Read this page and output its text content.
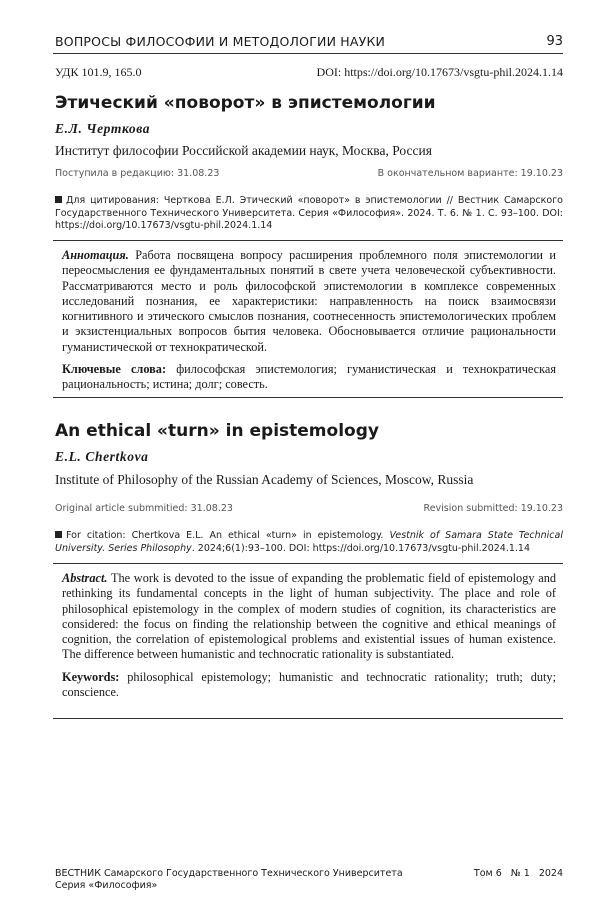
ВОПРОСЫ ФИЛОСОФИИ И МЕТОДОЛОГИИ НАУКИ	93
УДК 101.9, 165.0	DOI: https://doi.org/10.17673/vsgtu-phil.2024.1.14
Этический «поворот» в эпистемологии
Е.Л. Черткова
Институт философии Российской академии наук, Москва, Россия
Поступила в редакцию: 31.08.23	В окончательном варианте: 19.10.23
Для цитирования: Черткова Е.Л. Этический «поворот» в эпистемологии // Вестник Самарского Государственного Технического Университета. Серия «Философия». 2024. Т. 6. № 1. С. 93–100. DOI: https://doi.org/10.17673/vsgtu-phil.2024.1.14

Аннотация. Работа посвящена вопросу расширения проблемного поля эпистемологии и переосмысления ее фундаментальных понятий в свете учета человеческой субъективности. Рассматриваются место и роль философской эпистемологии в комплексе современных исследований познания, ее характеристики: направленность на поиск взаимосвязи когнитивного и этического смыслов познания, соотнесенность эпистемологических проблем и экзистенциальных вопросов бытия человека. Обосновывается отличие рациональности гуманистической от технократической.

Ключевые слова: философская эпистемология; гуманистическая и технократическая рациональность; истина; долг; совесть.

An ethical «turn» in epistemology
E.L. Chertkova
Institute of Philosophy of the Russian Academy of Sciences, Moscow, Russia
Original article submmitied: 31.08.23	Revision submitted: 19.10.23
For citation: Chertkova E.L. An ethical «turn» in epistemology. Vestnik of Samara State Technical University. Series Philosophy. 2024;6(1):93–100. DOI: https://doi.org/10.17673/vsgtu-phil.2024.1.14

Abstract. The work is devoted to the issue of expanding the problematic field of epistemology and rethinking its fundamental concepts in the light of human subjectivity. The place and role of philosophical epistemology in the complex of modern studies of cognition, its characteristics are considered: the focus on finding the relationship between the cognitive and ethical meanings of cognition, the correlation of epistemological problems and existential issues of human existence. The difference between humanistic and technocratic rationality is substantiated.

Keywords: philosophical epistemology; humanistic and technocratic rationality; truth; duty; conscience.

ВЕСТНИК Самарского Государственного Технического Университета
Серия «Философия»
Том 6   № 1   2024
